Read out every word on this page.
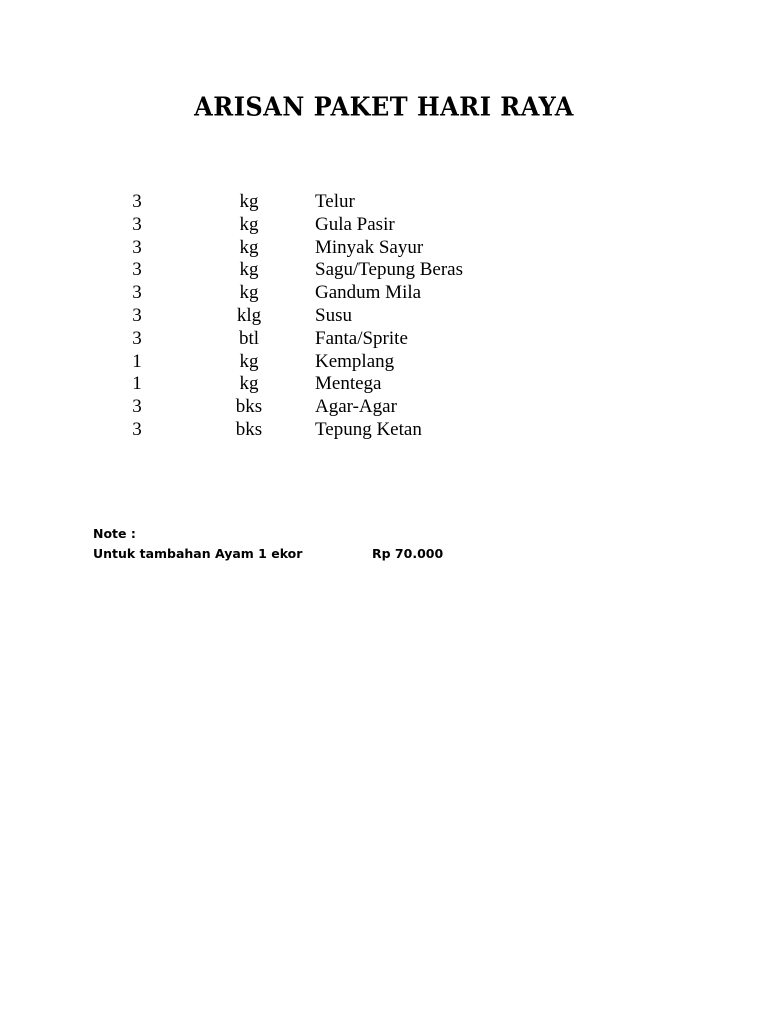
ARISAN PAKET HARI RAYA
3	kg	Telur
3	kg	Gula Pasir
3	kg	Minyak Sayur
3	kg	Sagu/Tepung Beras
3	kg	Gandum Mila
3	klg	Susu
3	btl	Fanta/Sprite
1	kg	Kemplang
1	kg	Mentega
3	bks	Agar-Agar
3	bks	Tepung Ketan
Note :
Untuk tambahan Ayam 1 ekor	Rp 70.000
